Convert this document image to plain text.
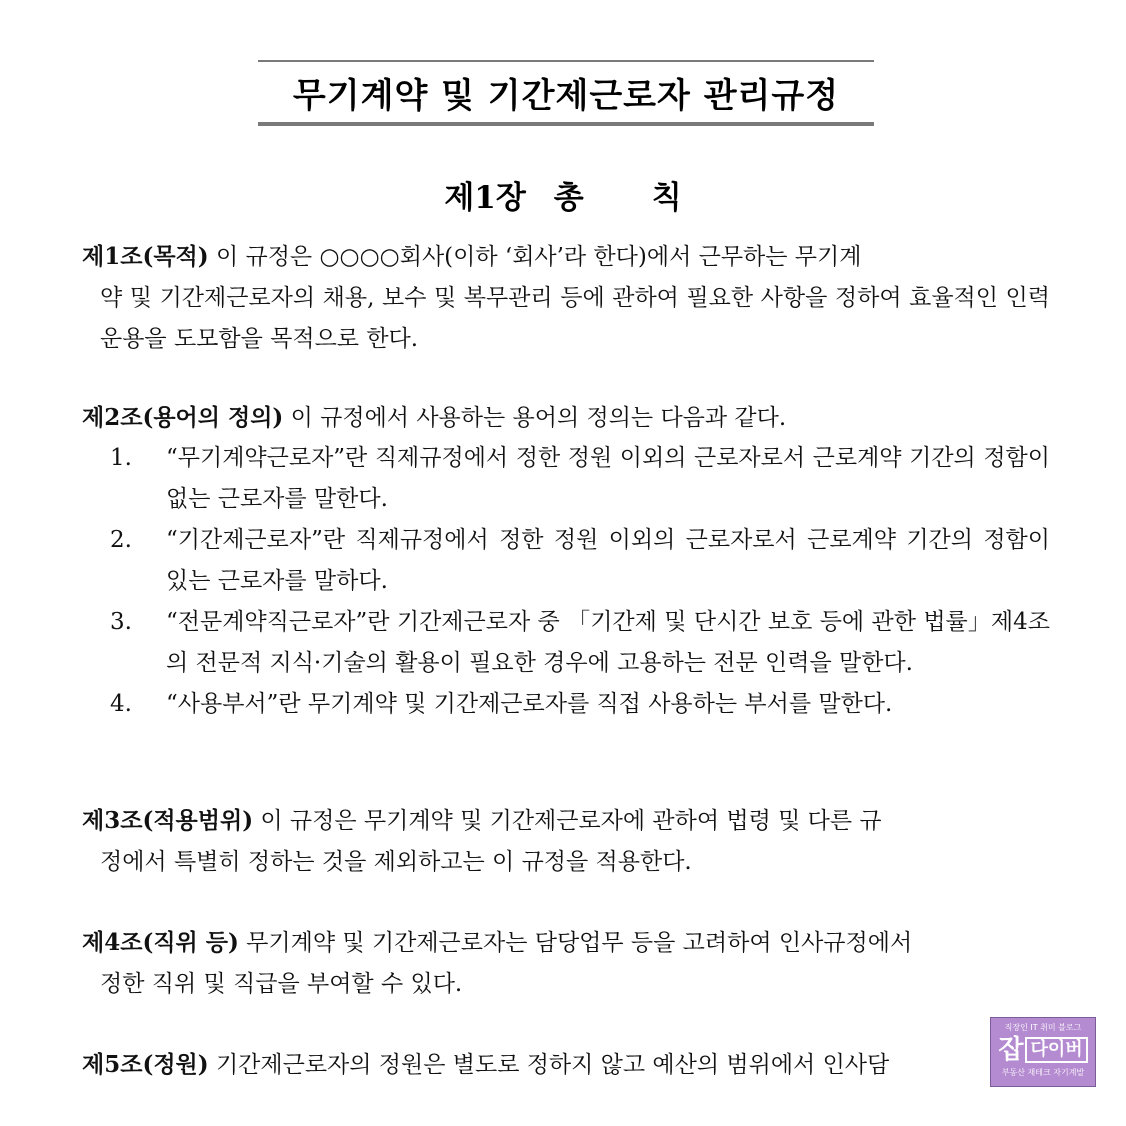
무기계약 및 기간제근로자 관리규정
제1장 총 칙
제1조(목적) 이 규정은 ○○○○회사(이하 ‘회사’라 한다)에서 근무하는 무기계
약 및 기간제근로자의 채용, 보수 및 복무관리 등에 관하여 필요한 사항을 정하여 효율적인 인력운용을 도모함을 목적으로 한다.
제2조(용어의 정의) 이 규정에서 사용하는 용어의 정의는 다음과 같다.
1. “무기계약근로자”란 직제규정에서 정한 정원 이외의 근로자로서 근로계약 기간의 정함이 없는 근로자를 말한다.
2. “기간제근로자”란 직제규정에서 정한 정원 이외의 근로자로서 근로계약 기간의 정함이 있는 근로자를 말하다.
3. “전문계약직근로자”란 기간제근로자 중 「기간제 및 단시간 보호 등에 관한 법률」제4조의 전문적 지식·기술의 활용이 필요한 경우에 고용하는 전문 인력을 말한다.
4. “사용부서”란 무기계약 및 기간제근로자를 직접 사용하는 부서를 말한다.
제3조(적용범위) 이 규정은 무기계약 및 기간제근로자에 관하여 법령 및 다른 규
정에서 특별히 정하는 것을 제외하고는 이 규정을 적용한다.
제4조(직위 등) 무기계약 및 기간제근로자는 담당업무 등을 고려하여 인사규정에서
정한 직위 및 직급을 부여할 수 있다.
제5조(정원) 기간제근로자의 정원은 별도로 정하지 않고 예산의 범위에서 인사담
직장인 IT 취미 블로그
잡 다이버
부동산 재테크 자기계발
